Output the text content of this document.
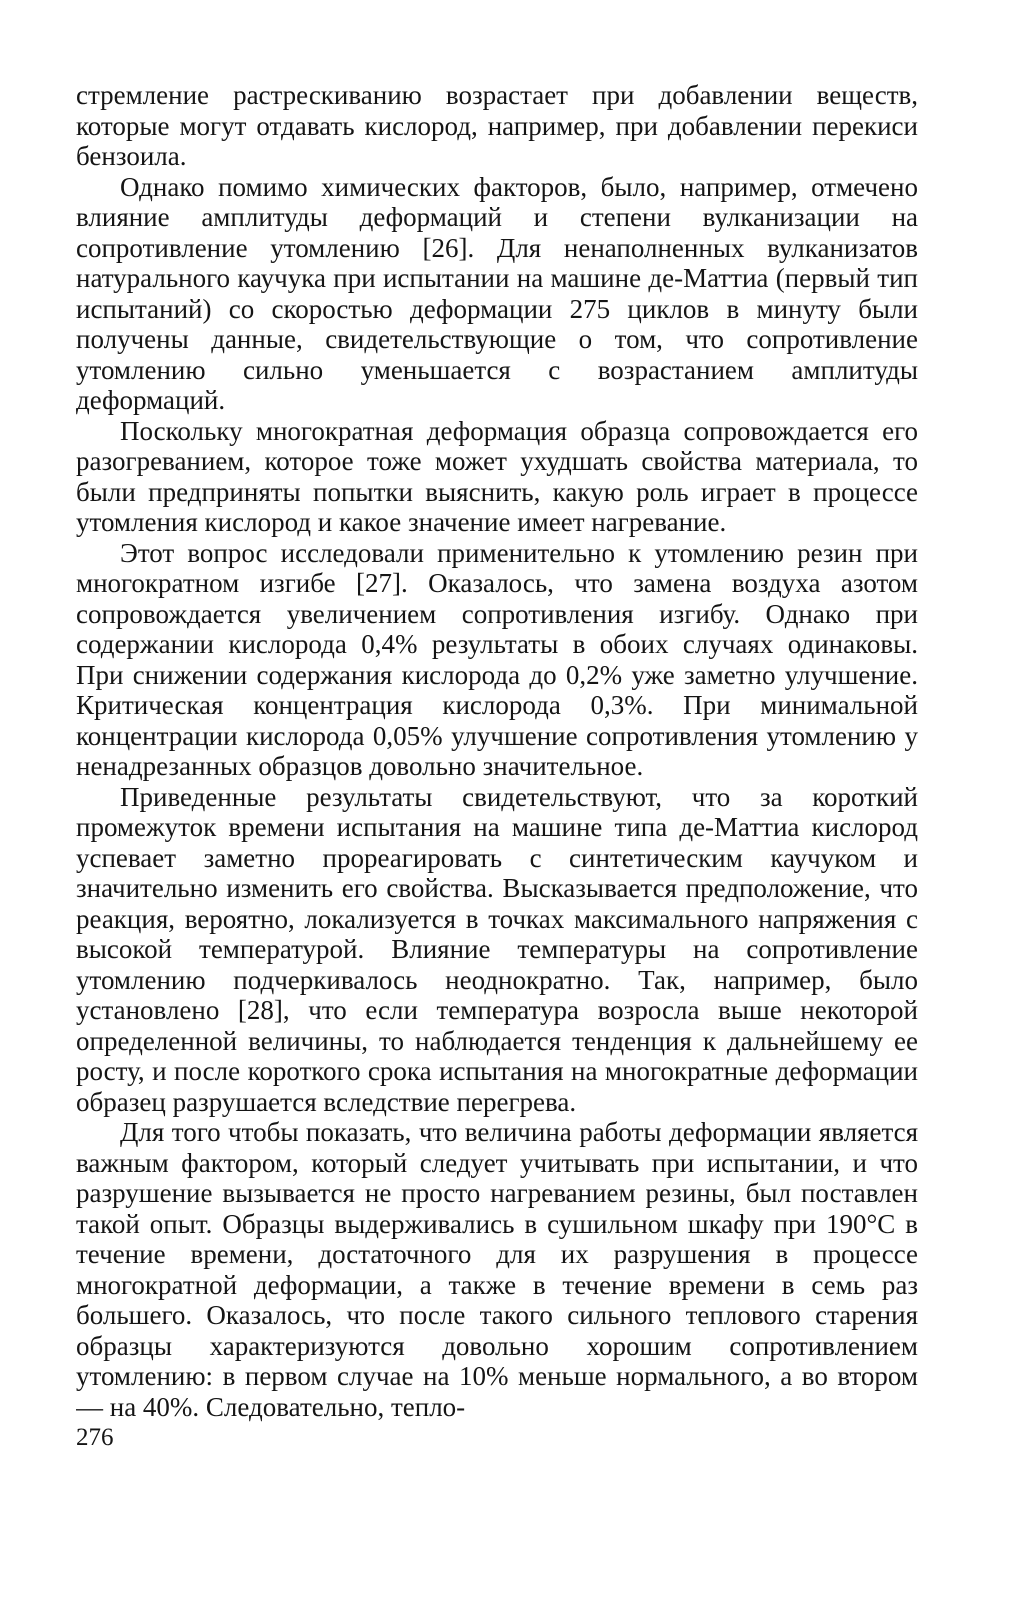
стремление растрескиванию возрастает при добавлении веществ, которые могут отдавать кислород, например, при добавлении перекиси бензоила.

Однако помимо химических факторов, было, например, отмечено влияние амплитуды деформаций и степени вулканизации на сопротивление утомлению [26]. Для ненаполненных вулканизатов натурального каучука при испытании на машине де-Маттиа (первый тип испытаний) со скоростью деформации 275 циклов в минуту были получены данные, свидетельствующие о том, что сопротивление утомлению сильно уменьшается с возрастанием амплитуды деформаций.

Поскольку многократная деформация образца сопровождается его разогреванием, которое тоже может ухудшать свойства материала, то были предприняты попытки выяснить, какую роль играет в процессе утомления кислород и какое значение имеет нагревание.

Этот вопрос исследовали применительно к утомлению резин при многократном изгибе [27]. Оказалось, что замена воздуха азотом сопровождается увеличением сопротивления изгибу. Однако при содержании кислорода 0,4% результаты в обоих случаях одинаковы. При снижении содержания кислорода до 0,2% уже заметно улучшение. Критическая концентрация кислорода 0,3%. При минимальной концентрации кислорода 0,05% улучшение сопротивления утомлению у ненадрезанных образцов довольно значительное.

Приведенные результаты свидетельствуют, что за короткий промежуток времени испытания на машине типа де-Маттиа кислород успевает заметно прореагировать с синтетическим каучуком и значительно изменить его свойства. Высказывается предположение, что реакция, вероятно, локализуется в точках максимального напряжения с высокой температурой. Влияние температуры на сопротивление утомлению подчеркивалось неоднократно. Так, например, было установлено [28], что если температура возросла выше некоторой определенной величины, то наблюдается тенденция к дальнейшему ее росту, и после короткого срока испытания на многократные деформации образец разрушается вследствие перегрева.

Для того чтобы показать, что величина работы деформации является важным фактором, который следует учитывать при испытании, и что разрушение вызывается не просто нагреванием резины, был поставлен такой опыт. Образцы выдерживались в сушильном шкафу при 190°C в течение времени, достаточного для их разрушения в процессе многократной деформации, а также в течение времени в семь раз большего. Оказалось, что после такого сильного теплового старения образцы характеризуются довольно хорошим сопротивлением утомлению: в первом случае на 10% меньше нормального, а во втором — на 40%. Следовательно, тепло-

276
